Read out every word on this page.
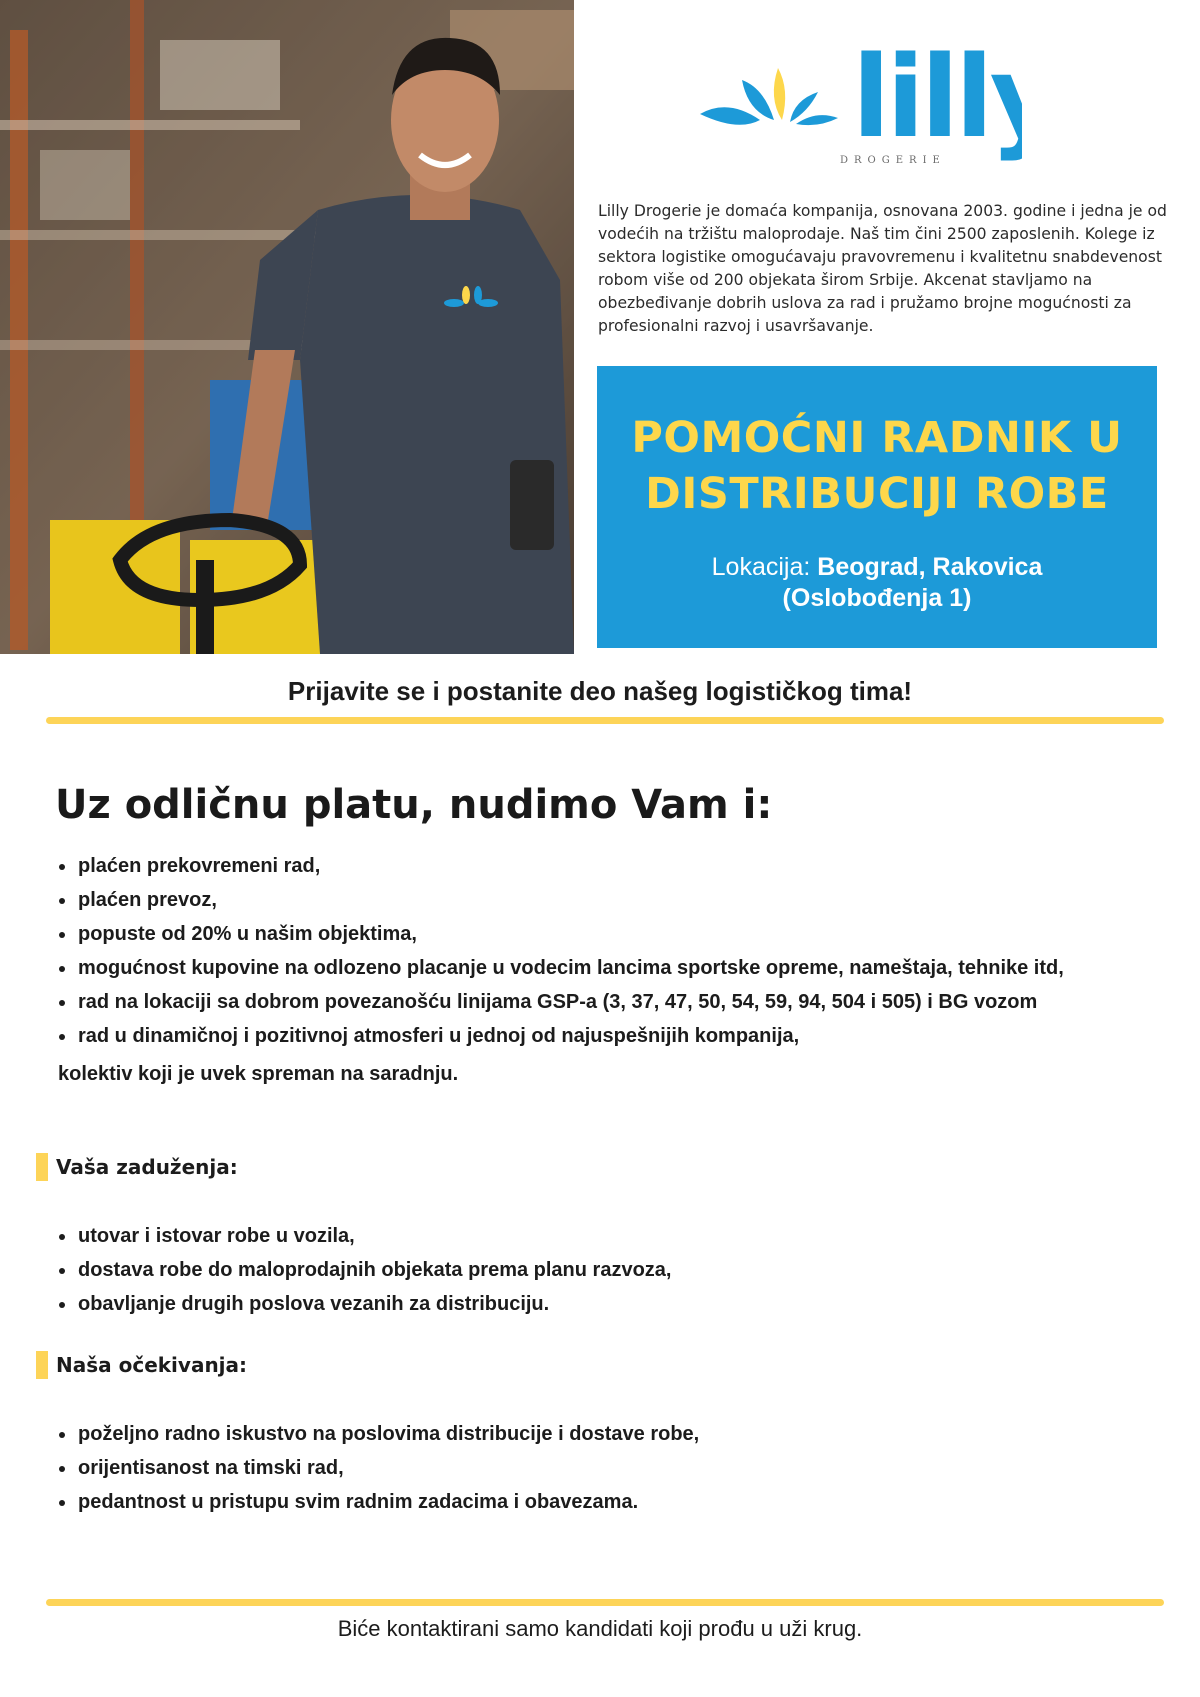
lill
DROGERIE
Lilly Drogerie je domaća kompanija, osnovana 2003. godine i jedna je od vodećih na tržištu maloprodaje. Naš tim čini 2500 zaposlenih. Kolege iz sektora logistike omogućavaju pravovremenu i kvalitetnu snabdevenost robom više od 200 objekata širom Srbije. Akcenat stavljamo na obezbeđivanje dobrih uslova za rad i pružamo brojne mogućnosti za profesionalni razvoj i usavršavanje.
POMOĆNI RADNIK U
DISTRIBUCIJI ROBE
Lokacija: Beograd, Rakovica
(Oslobođenja 1)
Prijavite se i postanite deo našeg logističkog tima!
Uz odličnu platu, nudimo Vam i:
plaćen prekovremeni rad,
plaćen prevoz,
popuste od 20% u našim objektima,
mogućnost kupovine na odlozeno placanje u vodecim lancima sportske opreme, nameštaja, tehnike itd,
rad na lokaciji sa dobrom povezanošću linijama GSP-a (3, 37, 47, 50, 54, 59, 94, 504 i 505) i BG vozom
rad u dinamičnoj i pozitivnoj atmosferi u jednoj od najuspešnijih kompanija,
kolektiv koji je uvek spreman na saradnju.
Vaša zaduženja:
utovar i istovar robe u vozila,
dostava robe do maloprodajnih objekata prema planu razvoza,
obavljanje drugih poslova vezanih za distribuciju.
Naša očekivanja:
poželjno radno iskustvo na poslovima distribucije i dostave robe,
orijentisanost na timski rad,
pedantnost u pristupu svim radnim zadacima i obavezama.
Biće kontaktirani samo kandidati koji prođu u uži krug.
